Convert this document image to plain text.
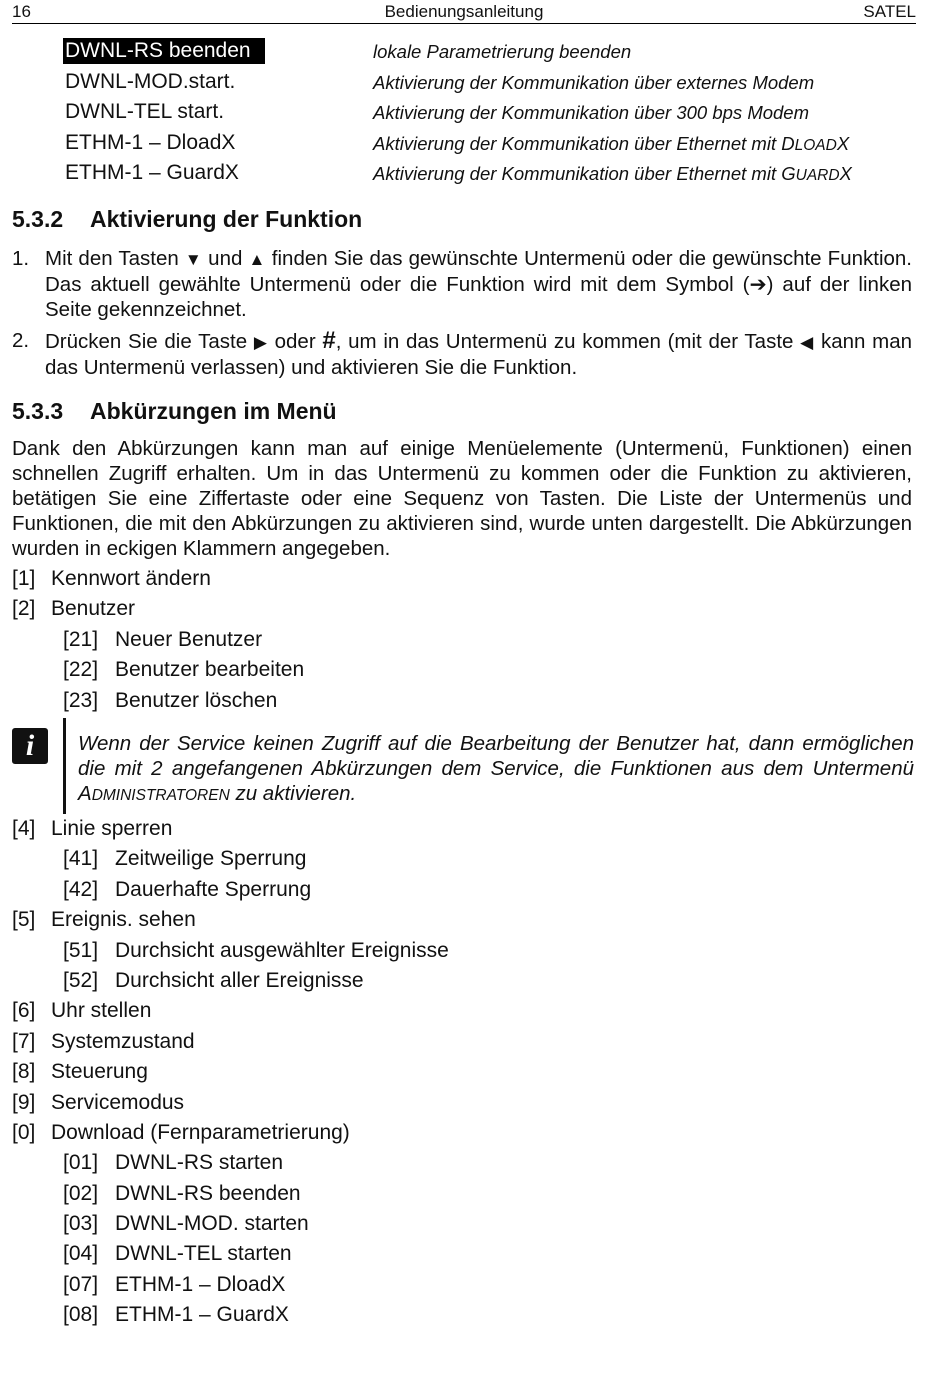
16	Bedienungsanleitung	SATEL
DWNL-RS beenden	lokale Parametrierung beenden
DWNL-MOD.start.	Aktivierung der Kommunikation über externes Modem
DWNL-TEL start.	Aktivierung der Kommunikation über 300 bps Modem
ETHM-1 – DloadX	Aktivierung der Kommunikation über Ethernet mit DLOADX
ETHM-1 – GuardX	Aktivierung der Kommunikation über Ethernet mit GUARDX
5.3.2 Aktivierung der Funktion
1. Mit den Tasten ▼ und ▲ finden Sie das gewünschte Untermenü oder die gewünschte Funktion. Das aktuell gewählte Untermenü oder die Funktion wird mit dem Symbol (➔) auf der linken Seite gekennzeichnet.
2. Drücken Sie die Taste ▶ oder #, um in das Untermenü zu kommen (mit der Taste ◀ kann man das Untermenü verlassen) und aktivieren Sie die Funktion.
5.3.3 Abkürzungen im Menü
Dank den Abkürzungen kann man auf einige Menüelemente (Untermenü, Funktionen) einen schnellen Zugriff erhalten. Um in das Untermenü zu kommen oder die Funktion zu aktivieren, betätigen Sie eine Ziffertaste oder eine Sequenz von Tasten. Die Liste der Untermenüs und Funktionen, die mit den Abkürzungen zu aktivieren sind, wurde unten dargestellt. Die Abkürzungen wurden in eckigen Klammern angegeben.
[1] Kennwort ändern
[2] Benutzer
[21] Neuer Benutzer
[22] Benutzer bearbeiten
[23] Benutzer löschen
i	Wenn der Service keinen Zugriff auf die Bearbeitung der Benutzer hat, dann ermöglichen die mit 2 angefangenen Abkürzungen dem Service, die Funktionen aus dem Untermenü ADMINISTRATOREN zu aktivieren.
[4] Linie sperren
[41] Zeitweilige Sperrung
[42] Dauerhafte Sperrung
[5] Ereignis. sehen
[51] Durchsicht ausgewählter Ereignisse
[52] Durchsicht aller Ereignisse
[6] Uhr stellen
[7] Systemzustand
[8] Steuerung
[9] Servicemodus
[0] Download (Fernparametrierung)
[01] DWNL-RS starten
[02] DWNL-RS beenden
[03] DWNL-MOD. starten
[04] DWNL-TEL starten
[07] ETHM-1 – DloadX
[08] ETHM-1 – GuardX
